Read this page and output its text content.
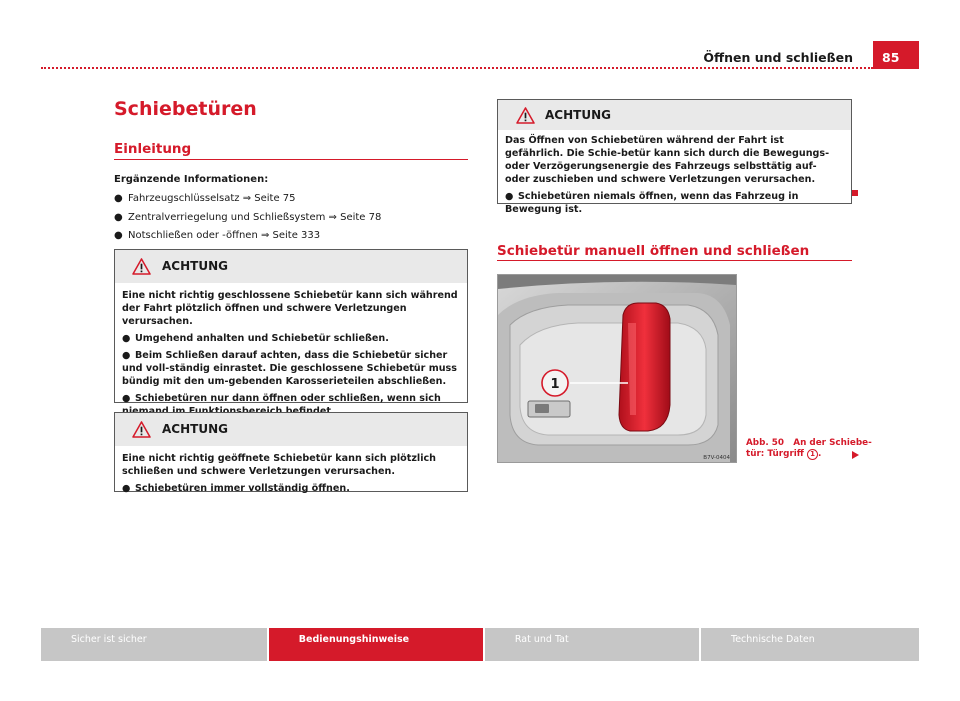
Öffnen und schließen	85
Schiebetüren
Einleitung
Ergänzende Informationen:
● Fahrzeugschlüsselsatz ⇒ Seite 75
● Zentralverriegelung und Schließsystem ⇒ Seite 78
● Notschließen oder -öffnen ⇒ Seite 333
ACHTUNG

Eine nicht richtig geschlossene Schiebetür kann sich während der Fahrt plötzlich öffnen und schwere Verletzungen verursachen.

● Umgehend anhalten und Schiebetür schließen.
● Beim Schließen darauf achten, dass die Schiebetür sicher und voll-ständig einrastet. Die geschlossene Schiebetür muss bündig mit den um-gebenden Karosserieteilen abschließen.
● Schiebetüren nur dann öffnen oder schließen, wenn sich
ACHTUNG

Eine nicht richtig geöffnete Schiebetür kann sich plötzlich schließen und schwere Verletzungen verursachen.

● Schiebetüren immer vollständig öffnen.
ACHTUNG

Das Öffnen von Schiebetüren während der Fahrt ist gefährlich. Die Schie-betür kann sich durch die Bewegungs- oder Verzögerungsenergie des Fahrzeugs selbsttätig auf- oder zuschieben und schwere Verletzungen verursachen.

● Schiebetüren niemals öffnen, wenn das Fahrzeug in Bewegung ist.
Schiebetür manuell öffnen und schließen
1
B7V-0404
Abb. 50 An der Schiebe-
tür: Türgriff 1 .
Sicher ist sicher	Bedienungshinweise	Rat und Tat	Technische Daten
